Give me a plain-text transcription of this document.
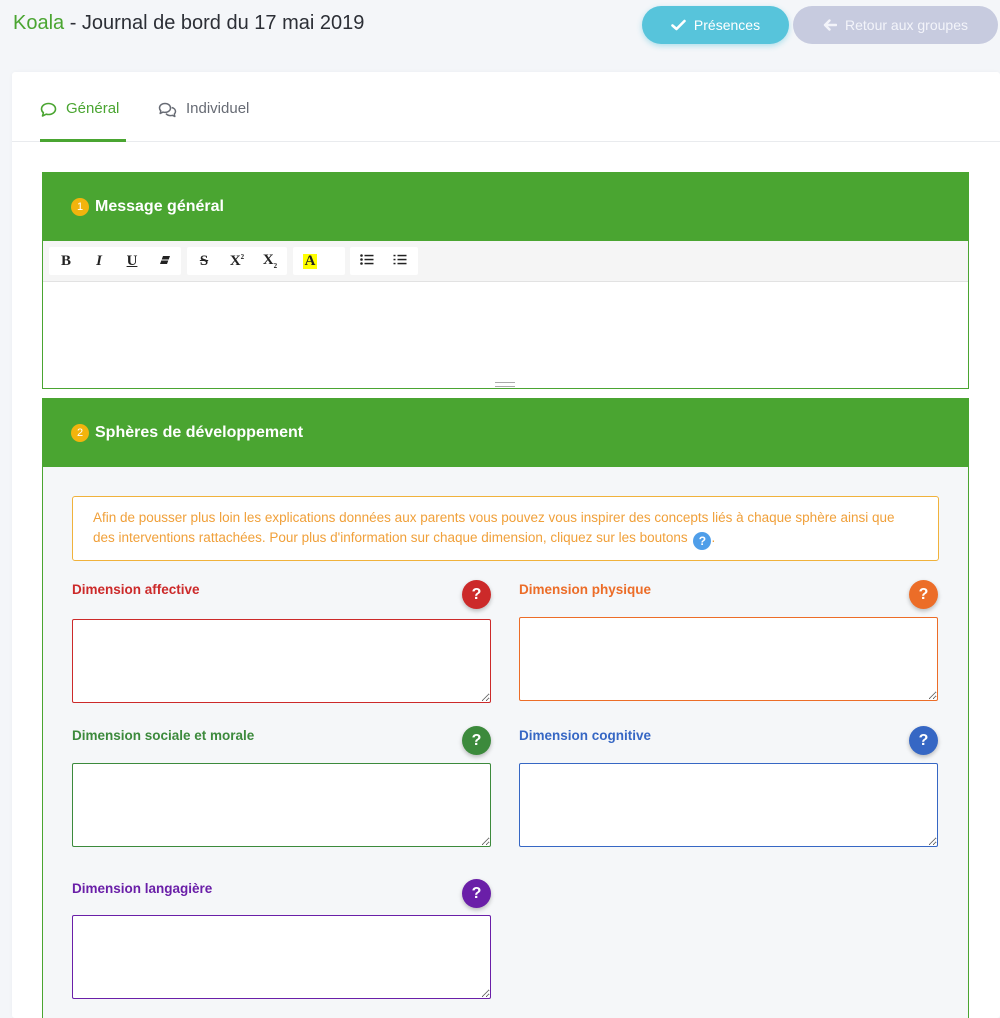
Koala - Journal de bord du 17 mai 2019	Présences	Retour aux groupes
Général	Individuel
1 Message général
B I U	S $X^2$ $X_2$ A
2 Sphères de développement
Afin de pousser plus loin les explications données aux parents vous pouvez vous inspirer des concepts liés à chaque sphère ainsi que des interventions rattachées. Pour plus d'information sur chaque dimension, cliquez sur les boutons ? .
Dimension affective	?	Dimension physique	?
Dimension sociale et morale	?	Dimension cognitive	?
Dimension langagière	?
